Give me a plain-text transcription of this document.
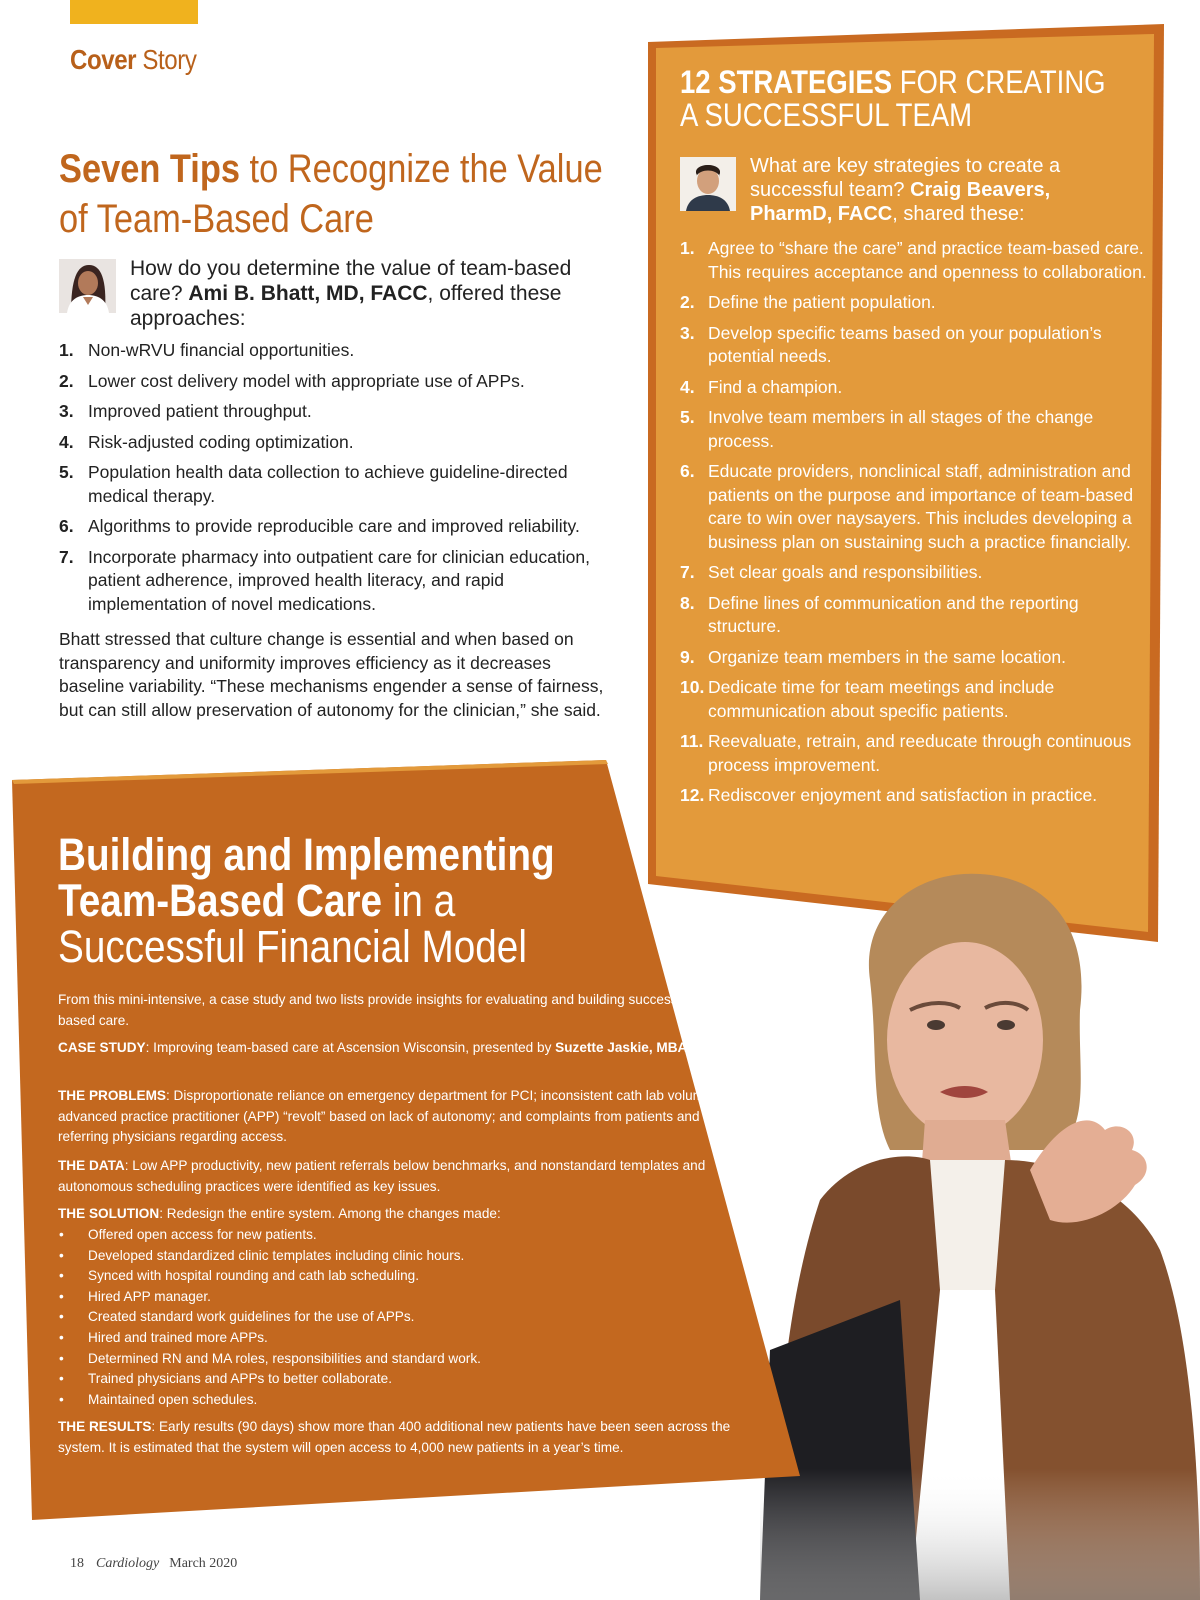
Cover Story
Seven Tips to Recognize the Value
of Team-Based Care
How do you determine the value of team-based care? Ami B. Bhatt, MD, FACC, offered these approaches:
1. Non-wRVU financial opportunities.
2. Lower cost delivery model with appropriate use of APPs.
3. Improved patient throughput.
4. Risk-adjusted coding optimization.
5. Population health data collection to achieve guideline-directed medical therapy.
6. Algorithms to provide reproducible care and improved reliability.
7. Incorporate pharmacy into outpatient care for clinician education, patient adherence, improved health literacy, and rapid implementation of novel medications.
Bhatt stressed that culture change is essential and when based on transparency and uniformity improves efficiency as it decreases baseline variability. “These mechanisms engender a sense of fairness, but can still allow preservation of autonomy for the clinician,” she said.
12 STRATEGIES FOR CREATING
A SUCCESSFUL TEAM
What are key strategies to create a successful team? Craig Beavers, PharmD, FACC, shared these:
1. Agree to “share the care” and practice team-based care. This requires acceptance and openness to collaboration.
2. Define the patient population.
3. Develop specific teams based on your population’s potential needs.
4. Find a champion.
5. Involve team members in all stages of the change process.
6. Educate providers, nonclinical staff, administration and patients on the purpose and importance of team-based care to win over naysayers. This includes developing a business plan on sustaining such a practice financially.
7. Set clear goals and responsibilities.
8. Define lines of communication and the reporting structure.
9. Organize team members in the same location.
10. Dedicate time for team meetings and include communication about specific patients.
11. Reevaluate, retrain, and reeducate through continuous process improvement.
12. Rediscover enjoyment and satisfaction in practice.
Building and Implementing
Team-Based Care in a
Successful Financial Model
From this mini-intensive, a case study and two lists provide insights for evaluating and building successful team-based care.
CASE STUDY: Improving team-based care at Ascension Wisconsin, presented by Suzette Jaskie, MBA.
THE PROBLEMS: Disproportionate reliance on emergency department for PCI; inconsistent cath lab volume; an advanced practice practitioner (APP) “revolt” based on lack of autonomy; and complaints from patients and referring physicians regarding access.
THE DATA: Low APP productivity, new patient referrals below benchmarks, and nonstandard templates and autonomous scheduling practices were identified as key issues.
THE SOLUTION: Redesign the entire system. Among the changes made:
• Offered open access for new patients.
• Developed standardized clinic templates including clinic hours.
• Synced with hospital rounding and cath lab scheduling.
• Hired APP manager.
• Created standard work guidelines for the use of APPs.
• Hired and trained more APPs.
• Determined RN and MA roles, responsibilities and standard work.
• Trained physicians and APPs to better collaborate.
• Maintained open schedules.
THE RESULTS: Early results (90 days) show more than 400 additional new patients have been seen across the system. It is estimated that the system will open access to 4,000 new patients in a year’s time.
18 Cardiology March 2020
